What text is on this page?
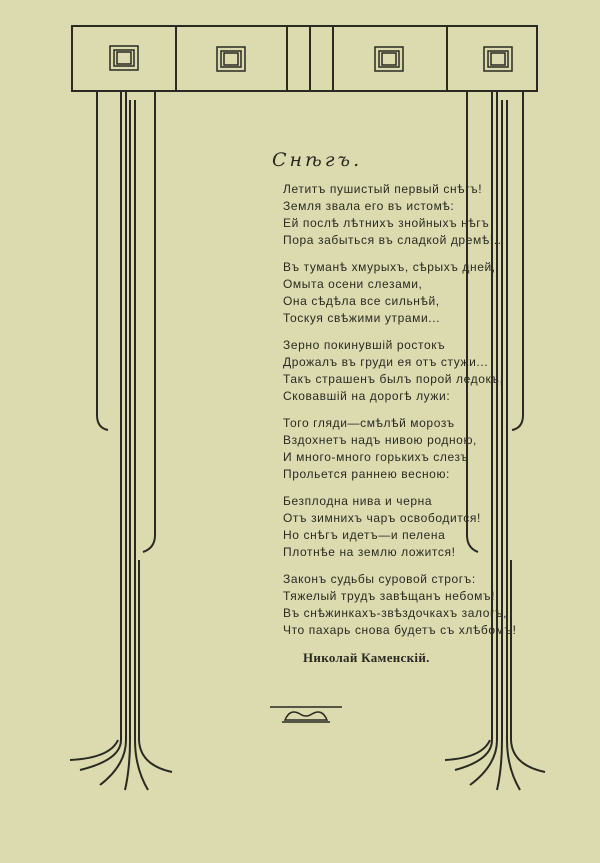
Снѣгъ.
Летитъ пушистый первый снѣгъ!
Земля звала его въ истомѣ:
Ей послѣ лѣтнихъ знойныхъ нѣгъ
Пора забыться въ сладкой дремѣ!..
Въ туманѣ хмурыхъ, сѣрыхъ дней,
Омыта осени слезами,
Она сѣдѣла все сильнѣй,
Тоскуя свѣжими утрами...
Зерно покинувшій ростокъ
Дрожалъ въ груди ея отъ стужи...
Такъ страшенъ былъ порой ледокъ,
Сковавшій на дорогѣ лужи:
Того гляди—смѣлѣй морозъ
Вздохнетъ надъ нивою родною,
И много-много горькихъ слезъ
Прольется раннею весною:
Безплодна нива и черна
Отъ зимнихъ чаръ освободится!
Но снѣгъ идетъ—и пелена
Плотнѣе на землю ложится!
Законъ судьбы суровой строгъ:
Тяжелый трудъ завѣщанъ небомъ!
Въ снѣжинкахъ-звѣздочкахъ залогъ,
Что пахарь снова будетъ съ хлѣбомъ!
Николай Каменскій.
